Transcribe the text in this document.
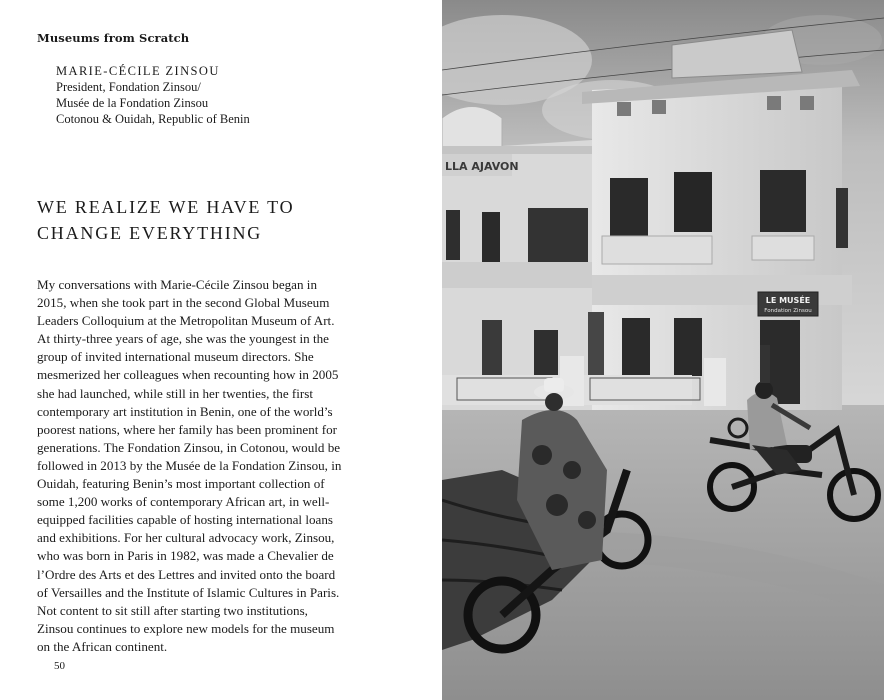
Museums from Scratch
MARIE-CÉCILE ZINSOU
President, Fondation Zinsou/
Musée de la Fondation Zinsou
Cotonou & Ouidah, Republic of Benin
WE REALIZE WE HAVE TO
CHANGE EVERYTHING
My conversations with Marie-Cécile Zinsou began in
2015, when she took part in the second Global Museum
Leaders Colloquium at the Metropolitan Museum of Art.
At thirty-three years of age, she was the youngest in the
group of invited international museum directors. She
mesmerized her colleagues when recounting how in 2005
she had launched, while still in her twenties, the first
contemporary art institution in Benin, one of the world’s
poorest nations, where her family has been prominent for
generations. The Fondation Zinsou, in Cotonou, would be
followed in 2013 by the Musée de la Fondation Zinsou, in
Ouidah, featuring Benin’s most important collection of
some 1,200 works of contemporary African art, in well-
equipped facilities capable of hosting international loans
and exhibitions. For her cultural advocacy work, Zinsou,
who was born in Paris in 1982, was made a Chevalier de
l’Ordre des Arts et des Lettres and invited onto the board
of Versailles and the Institute of Islamic Cultures in Paris.
Not content to sit still after starting two institutions,
Zinsou continues to explore new models for the museum
on the African continent.
50
LLA AJAVON
LE MUSÉE
Fondation Zinsou
